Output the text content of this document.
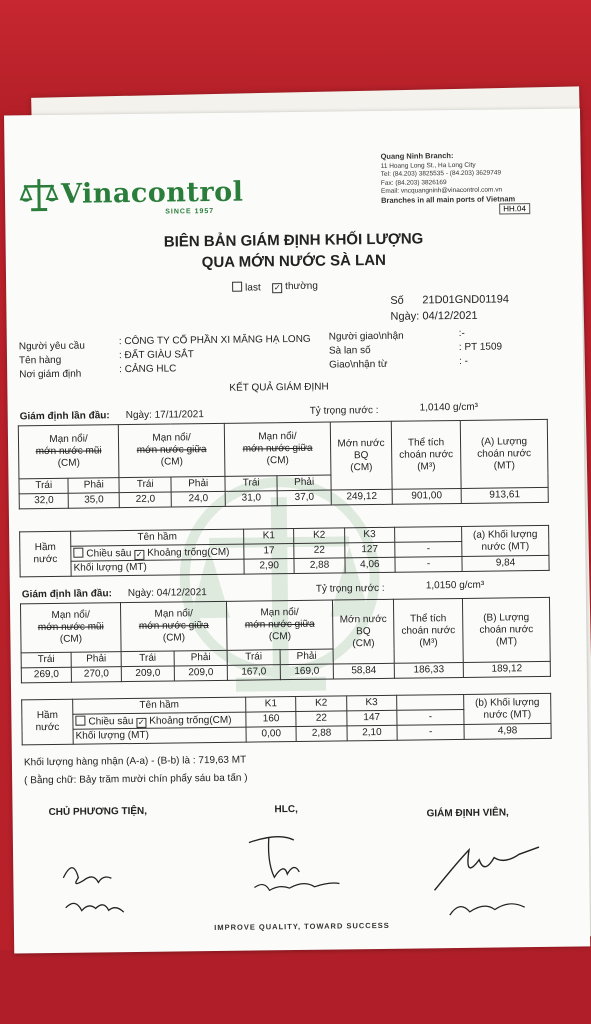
Vinacontrol
SINCE 1957
Quang Ninh Branch:
11 Hoang Long St., Ha Long City
Tel: (84.203) 3825535 - (84.203) 3629749
Fax: (84.203) 3826169
Email: vncquangninh@vinacontrol.com.vn
Branches in all main ports of Vietnam
HH.04
BIÊN BẢN GIÁM ĐỊNH KHỐI LƯỢNG
QUA MỚN NƯỚC SÀ LAN
last ✓ thường
Số 21D01GND01194
Ngày: 04/12/2021
Người yêu cầu	: CÔNG TY CỔ PHẦN XI MĂNG HẠ LONG
Tên hàng	: ĐẤT GIÀU SẮT
Nơi giám định	: CẢNG HLC
Người giao\nhận	:-
Sà lan số	: PT 1509
Giao\nhận từ	: -
KẾT QUẢ GIÁM ĐỊNH
Giám định lần đầu: Ngày: 17/11/2021	Tỷ trọng nước :	1,0140 g/cm³
Mạn nổi/
mớn nước mũi
(CM)		Mạn nổi/
mớn nước giữa
(CM)		Mạn nổi/
mớn nước giữa
(CM)		Mớn nước
BQ
(CM)	Thể tích
choán nước
(M³)	(A) Lượng
choán nước
(MT)
Trái	Phải	Trái	Phải	Trái	Phải			
32,0	35,0	22,0	24,0	31,0	37,0	249,12	901,00	913,61
Hầm
nước	Tên hầm	K1	K2	K3		(a) Khối lượng
nước (MT)
	Chiều sâu ✓ Khoảng trống(CM)	17	22	127	-	
	Khối lượng (MT)	2,90	2,88	4,06	-	9,84
Giám định lần đầu: Ngày: 04/12/2021	Tỷ trọng nước :	1,0150 g/cm³
Mạn nổi/
mớn nước mũi
(CM)		Mạn nổi/
mớn nước giữa
(CM)		Mạn nổi/
mớn nước giữa
(CM)		Mớn nước
BQ
(CM)	Thể tích
choán nước
(M³)	(B) Lượng
choán nước
(MT)
Trái	Phải	Trái	Phải	Trái	Phải			
269,0	270,0	209,0	209,0	167,0	169,0	58,84	186,33	189,12
Hầm
nước	Tên hầm	K1	K2	K3		(b) Khối lượng
nước (MT)
	Chiều sâu ✓ Khoảng trống(CM)	160	22	147	-	
	Khối lượng (MT)	0,00	2,88	2,10	-	4,98
Khối lượng hàng nhận (A-a) - (B-b) là : 719,63 MT
( Bằng chữ: Bảy trăm mười chín phẩy sáu ba tấn )
CHỦ PHƯƠNG TIỆN,	HLC,	GIÁM ĐỊNH VIÊN,
IMPROVE QUALITY, TOWARD SUCCESS
